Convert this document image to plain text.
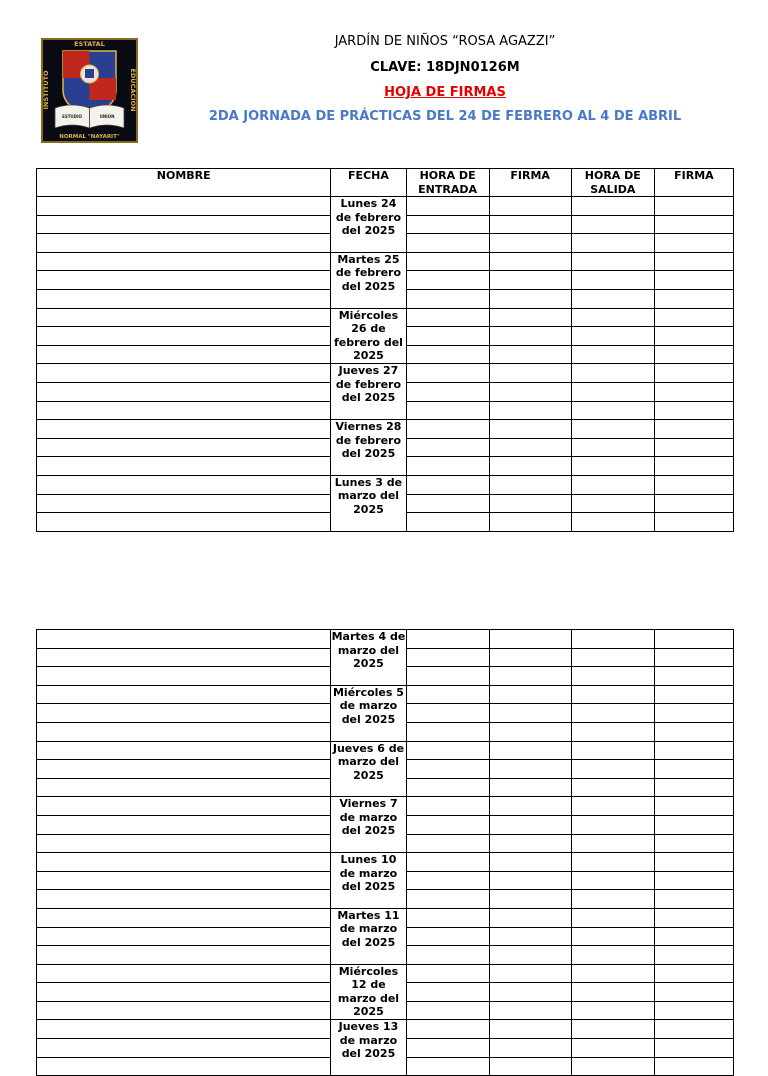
ESTATAL
INSTITUTO	EDUCACION
ESTUDIO	UNION
NORMAL "NAYARIT"
JARDÍN DE NIÑOS “ROSA AGAZZI”
CLAVE: 18DJN0126M
HOJA DE FIRMAS
2DA JORNADA DE PRÁCTICAS DEL 24 DE FEBRERO AL 4 DE ABRIL
NOMBRE	FECHA	HORA DE ENTRADA	FIRMA	HORA DE SALIDA	FIRMA
	Lunes 24 de febrero del 2025				

	Martes 25 de febrero del 2025				

	Miércoles 26 de febrero del 2025				

	Jueves 27 de febrero del 2025				

	Viernes 28 de febrero del 2025				

	Lunes 3 de marzo del 2025				

	Martes 4 de marzo del 2025				

	Miércoles 5 de marzo del 2025				

	Jueves 6 de marzo del 2025				

	Viernes 7 de marzo del 2025				

	Lunes 10 de marzo del 2025				

	Martes 11 de marzo del 2025				

	Miércoles 12 de marzo del 2025				

	Jueves 13 de marzo del 2025				
